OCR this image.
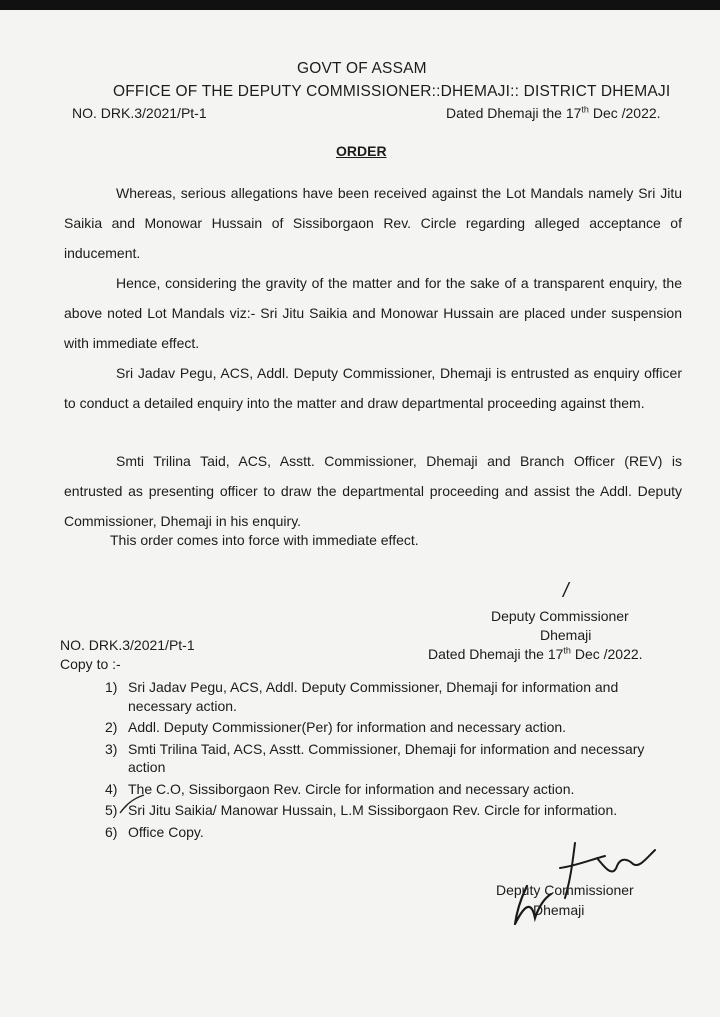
GOVT OF ASSAM
OFFICE OF THE DEPUTY COMMISSIONER::DHEMAJI:: DISTRICT DHEMAJI
NO. DRK.3/2021/Pt-1	Dated Dhemaji the 17th Dec /2022.
ORDER

Whereas, serious allegations have been received against the Lot Mandals namely Sri Jitu Saikia and Monowar Hussain of Sissiborgaon Rev. Circle regarding alleged acceptance of inducement.

Hence, considering the gravity of the matter and for the sake of a transparent enquiry, the above noted Lot Mandals viz:- Sri Jitu Saikia and Monowar Hussain are placed under suspension with immediate effect.

Sri Jadav Pegu, ACS, Addl. Deputy Commissioner, Dhemaji is entrusted as enquiry officer to conduct a detailed enquiry into the matter and draw departmental proceeding against them.

Smti Trilina Taid, ACS, Asstt. Commissioner, Dhemaji and Branch Officer (REV) is entrusted as presenting officer to draw the departmental proceeding and assist the Addl. Deputy Commissioner, Dhemaji in his enquiry.

This order comes into force with immediate effect.
/
Deputy Commissioner
Dhemaji
NO. DRK.3/2021/Pt-1
Copy to :-
Dated Dhemaji the 17th Dec /2022.
1) Sri Jadav Pegu, ACS, Addl. Deputy Commissioner, Dhemaji for information and necessary action.
2) Addl. Deputy Commissioner(Per) for information and necessary action.
3) Smti Trilina Taid, ACS, Asstt. Commissioner, Dhemaji for information and necessary action
4) The C.O, Sissiborgaon Rev. Circle for information and necessary action.
5) Sri Jitu Saikia/ Manowar Hussain, L.M Sissiborgaon Rev. Circle for information.
6) Office Copy.
Deputy Commissioner
Dhemaji
